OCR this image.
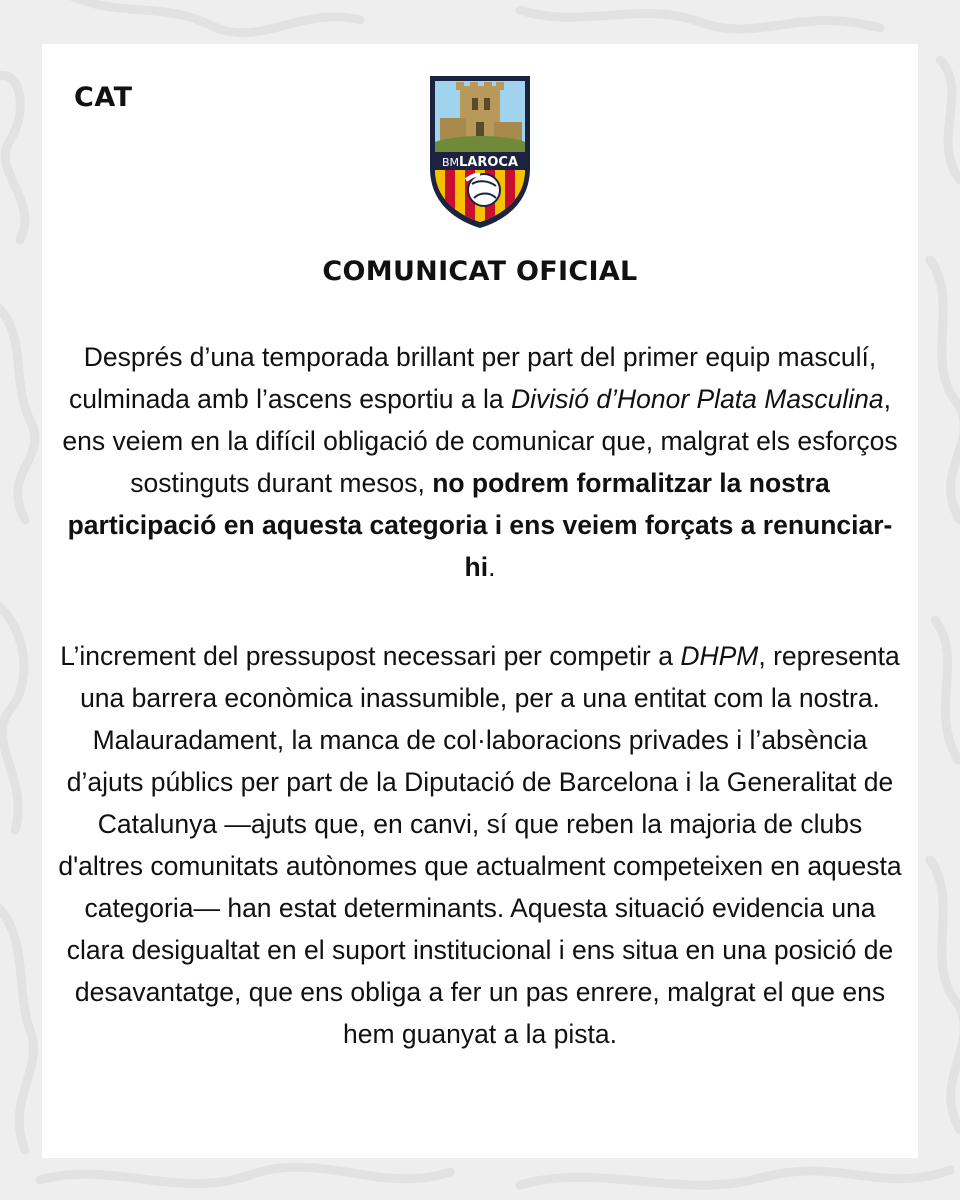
CAT
BMLAROCA
COMUNICAT OFICIAL

Després d’una temporada brillant per part del primer equip masculí, culminada amb l’ascens esportiu a la Divisió d’Honor Plata Masculina, ens veiem en la difícil obligació de comunicar que, malgrat els esforços sostinguts durant mesos, no podrem formalitzar la nostra participació en aquesta categoria i ens veiem forçats a renunciar-hi.

L’increment del pressupost necessari per competir a DHPM, representa una barrera econòmica inassumible, per a una entitat com la nostra. Malauradament, la manca de col·laboracions privades i l’absència d’ajuts públics per part de la Diputació de Barcelona i la Generalitat de Catalunya —ajuts que, en canvi, sí que reben la majoria de clubs d'altres comunitats autònomes que actualment competeixen en aquesta categoria— han estat determinants. Aquesta situació evidencia una clara desigualtat en el suport institucional i ens situa en una posició de desavantatge, que ens obliga a fer un pas enrere, malgrat el que ens hem guanyat a la pista.
